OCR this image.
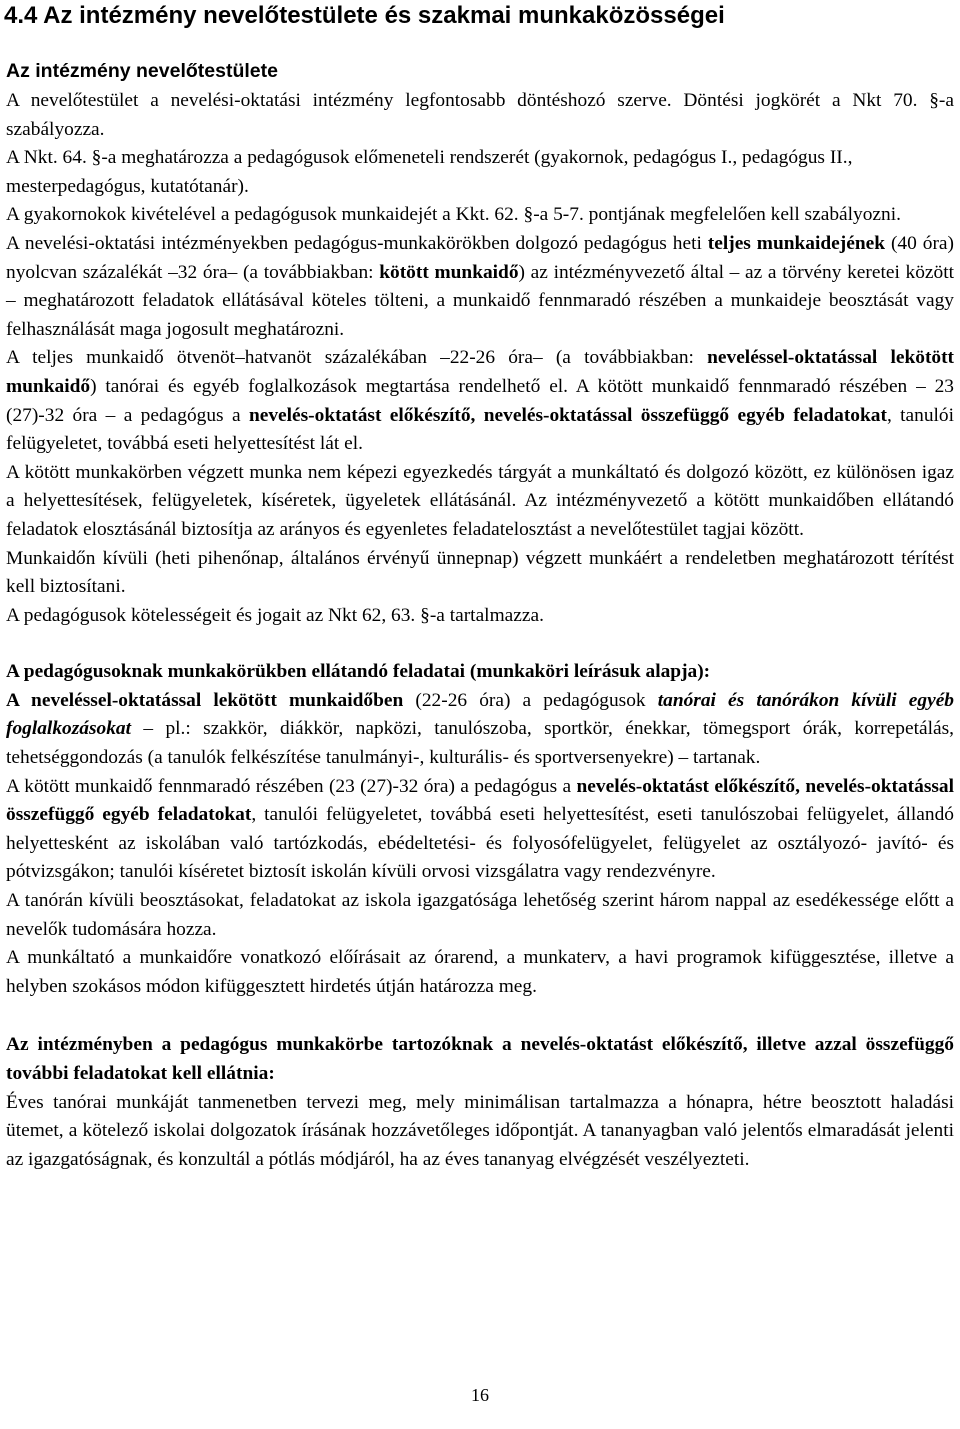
4.4 Az intézmény nevelőtestülete és szakmai munkaközösségei
Az intézmény nevelőtestülete

A nevelőtestület a nevelési-oktatási intézmény legfontosabb döntéshozó szerve. Döntési jogkörét a Nkt 70. §-a szabályozza.

A Nkt. 64. §-a meghatározza a pedagógusok előmeneteli rendszerét (gyakornok, pedagógus I., pedagógus II., mesterpedagógus, kutatótanár).

A gyakornokok kivételével a pedagógusok munkaidejét a Kkt. 62. §-a 5-7. pontjának megfelelően kell szabályozni.

A nevelési-oktatási intézményekben pedagógus-munkakörökben dolgozó pedagógus heti teljes munkaidejének (40 óra) nyolcvan százalékát –32 óra– (a továbbiakban: kötött munkaidő) az intézményvezető által – az a törvény keretei között – meghatározott feladatok ellátásával köteles tölteni, a munkaidő fennmaradó részében a munkaideje beosztását vagy felhasználását maga jogosult meghatározni.

A teljes munkaidő ötvenöt–hatvanöt százalékában –22-26 óra– (a továbbiakban: neveléssel-oktatással lekötött munkaidő) tanórai és egyéb foglalkozások megtartása rendelhető el. A kötött munkaidő fennmaradó részében – 23 (27)-32 óra – a pedagógus a nevelés-oktatást előkészítő, nevelés-oktatással összefüggő egyéb feladatokat, tanulói felügyeletet, továbbá eseti helyettesítést lát el.

A kötött munkakörben végzett munka nem képezi egyezkedés tárgyát a munkáltató és dolgozó között, ez különösen igaz a helyettesítések, felügyeletek, kíséretek, ügyeletek ellátásánál. Az intézményvezető a kötött munkaidőben ellátandó feladatok elosztásánál biztosítja az arányos és egyenletes feladatelosztást a nevelőtestület tagjai között.

Munkaidőn kívüli (heti pihenőnap, általános érvényű ünnepnap) végzett munkáért a rendeletben meghatározott térítést kell biztosítani.

A pedagógusok kötelességeit és jogait az Nkt 62, 63. §-a tartalmazza.

A pedagógusoknak munkakörükben ellátandó feladatai (munkaköri leírásuk alapja):

A neveléssel-oktatással lekötött munkaidőben (22-26 óra) a pedagógusok tanórai és tanórákon kívüli egyéb foglalkozásokat – pl.: szakkör, diákkör, napközi, tanulószoba, sportkör, énekkar, tömegsport órák, korrepetálás, tehetséggondozás (a tanulók felkészítése tanulmányi-, kulturális- és sportversenyekre) – tartanak.

A kötött munkaidő fennmaradó részében (23 (27)-32 óra) a pedagógus a nevelés-oktatást előkészítő, nevelés-oktatással összefüggő egyéb feladatokat, tanulói felügyeletet, továbbá eseti helyettesítést, eseti tanulószobai felügyelet, állandó helyettesként az iskolában való tartózkodás, ebédeltetési- és folyosófelügyelet, felügyelet az osztályozó- javító- és pótvizsgákon; tanulói kíséretet biztosít iskolán kívüli orvosi vizsgálatra vagy rendezvényre.

A tanórán kívüli beosztásokat, feladatokat az iskola igazgatósága lehetőség szerint három nappal az esedékessége előtt a nevelők tudomására hozza.

A munkáltató a munkaidőre vonatkozó előírásait az órarend, a munkaterv, a havi programok kifüggesztése, illetve a helyben szokásos módon kifüggesztett hirdetés útján határozza meg.

Az intézményben a pedagógus munkakörbe tartozóknak a nevelés-oktatást előkészítő, illetve azzal összefüggő további feladatokat kell ellátnia:

Éves tanórai munkáját tanmenetben tervezi meg, mely minimálisan tartalmazza a hónapra, hétre beosztott haladási ütemet, a kötelező iskolai dolgozatok írásának hozzávetőleges időpontját. A tananyagban való jelentős elmaradását jelenti az igazgatóságnak, és konzultál a pótlás módjáról, ha az éves tananyag elvégzését veszélyezteti.

16
